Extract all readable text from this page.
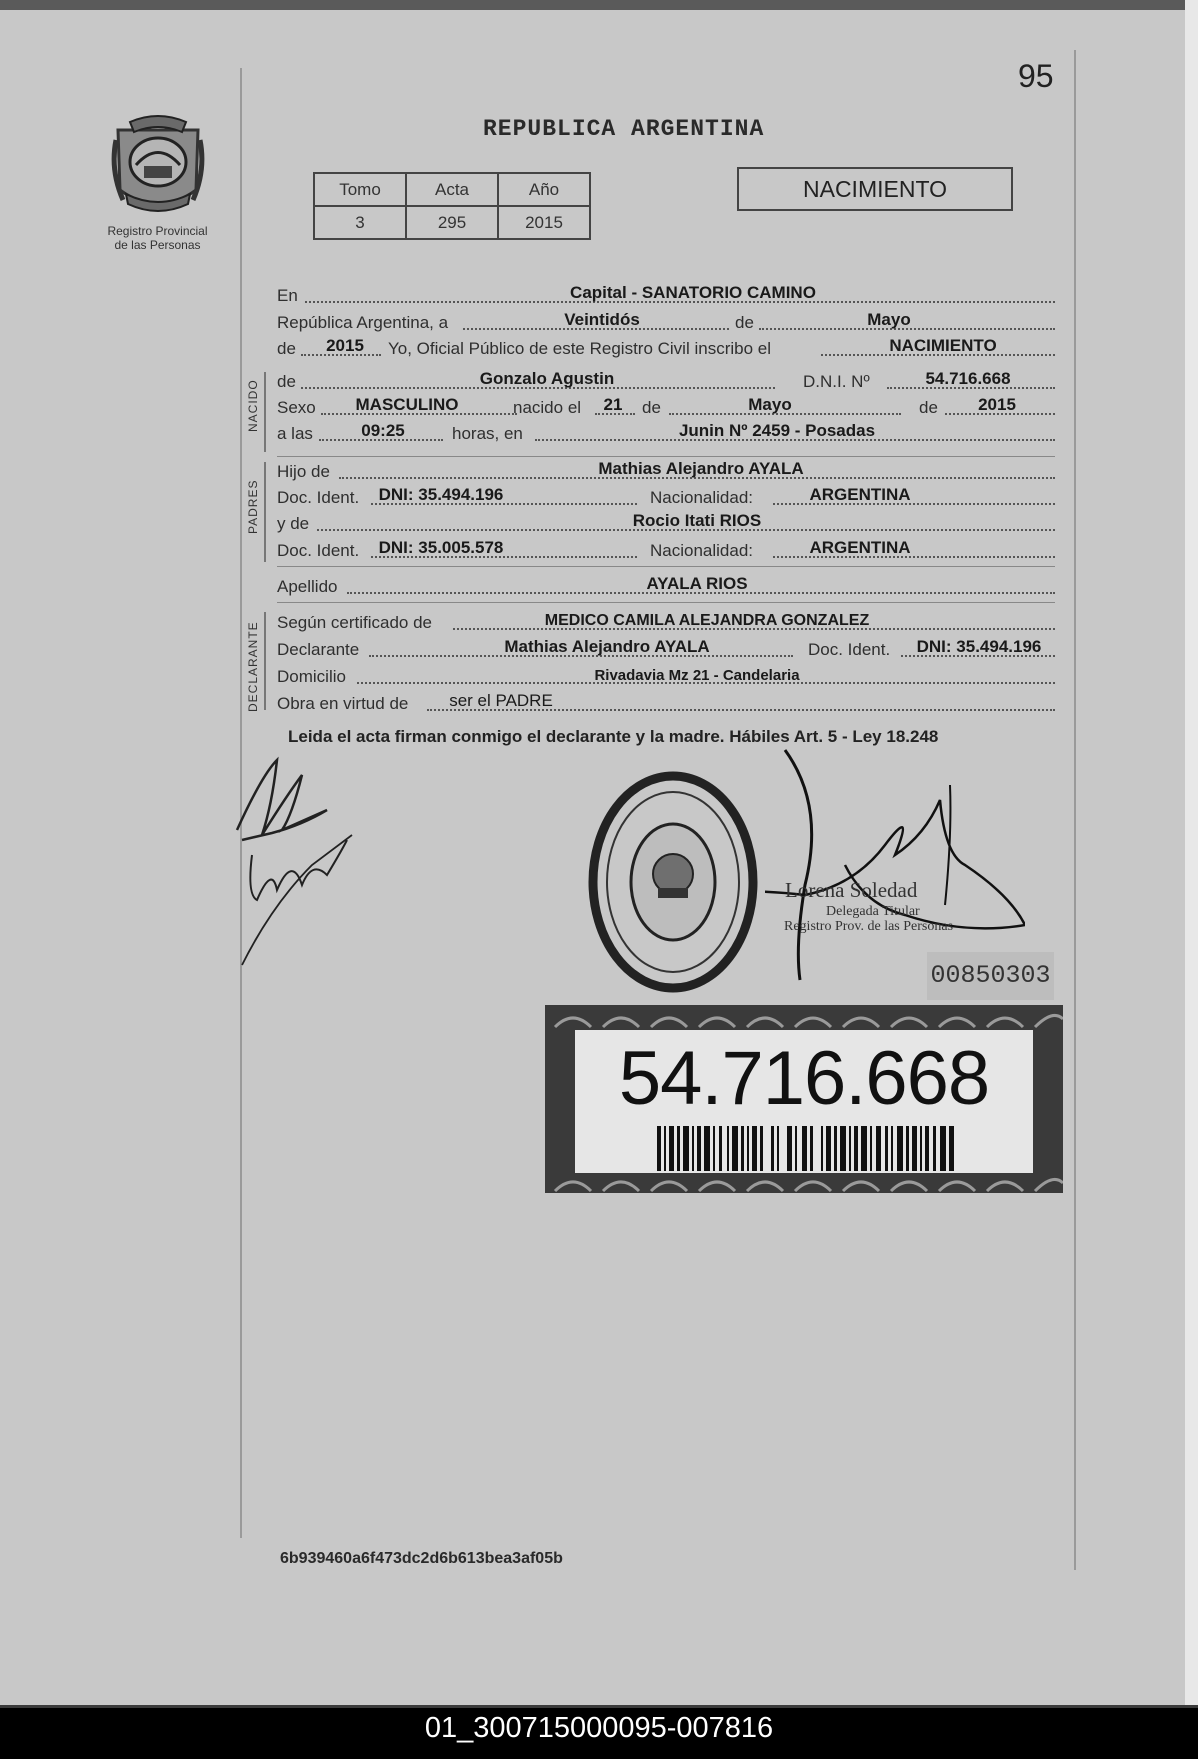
95
Registro Provincial
de las Personas
REPUBLICA ARGENTINA
Tomo	Acta	Año
3	295	2015
NACIMIENTO
En	Capital - SANATORIO CAMINO
República Argentina, a	Veintidós	de	Mayo
de 2015 Yo, Oficial Público de este Registro Civil inscribo el	NACIMIENTO
NACIDO de	Gonzalo Agustin	D.N.I. Nº	54.716.668
Sexo MASCULINO	nacido el 21 de	Mayo	de 2015
a las	09:25	horas, en	Junin Nº 2459 - Posadas
PADRES
Hijo de	Mathias Alejandro AYALA
Doc. Ident. DNI: 35.494.196	Nacionalidad:	ARGENTINA
y de	Rocio Itati RIOS
Doc. Ident. DNI: 35.005.578	Nacionalidad:	ARGENTINA
Apellido	AYALA RIOS
DECLARANTE Según certificado de	MEDICO CAMILA ALEJANDRA GONZALEZ
Declarante	Mathias Alejandro AYALA	Doc. Ident. DNI: 35.494.196
Domicilio	Rivadavia Mz 21 - Candelaria
Obra en virtud de ser el PADRE
Leida el acta firman conmigo el declarante y la madre. Hábiles Art. 5 - Ley 18.248
Lorena Soledad
Delegada Titular
Registro Prov. de las Personas
00850303
54.716.668
6b939460a6f473dc2d6b613bea3af05b
01_300715000095-007816
